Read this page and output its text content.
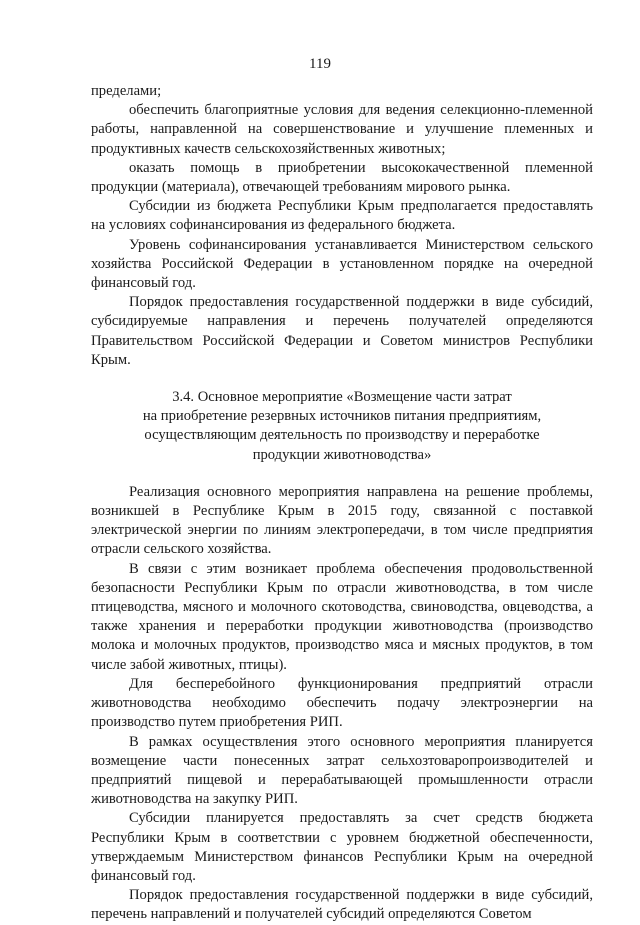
119

пределами;

обеспечить благоприятные условия для ведения селекционно-племенной работы, направленной на совершенствование и улучшение племенных и продуктивных качеств сельскохозяйственных животных;

оказать помощь в приобретении высококачественной племенной продукции (материала), отвечающей требованиям мирового рынка.

Субсидии из бюджета Республики Крым предполагается предоставлять на условиях софинансирования из федерального бюджета.

Уровень софинансирования устанавливается Министерством сельского хозяйства Российской Федерации в установленном порядке на очередной финансовый год.

Порядок предоставления государственной поддержки в виде субсидий, субсидируемые направления и перечень получателей определяются Правительством Российской Федерации и Советом министров Республики Крым.

3.4. Основное мероприятие «Возмещение части затрат
на приобретение резервных источников питания предприятиям,
осуществляющим деятельность по производству и переработке
продукции животноводства»

Реализация основного мероприятия направлена на решение проблемы, возникшей в Республике Крым в 2015 году, связанной с поставкой электрической энергии по линиям электропередачи, в том числе предприятия отрасли сельского хозяйства.

В связи с этим возникает проблема обеспечения продовольственной безопасности Республики Крым по отрасли животноводства, в том числе птицеводства, мясного и молочного скотоводства, свиноводства, овцеводства, а также хранения и переработки продукции животноводства (производство молока и молочных продуктов, производство мяса и мясных продуктов, в том числе забой животных, птицы).

Для бесперебойного функционирования предприятий отрасли животноводства необходимо обеспечить подачу электроэнергии на производство путем приобретения РИП.

В рамках осуществления этого основного мероприятия планируется возмещение части понесенных затрат сельхозтоваропроизводителей и предприятий пищевой и перерабатывающей промышленности отрасли животноводства на закупку РИП.

Субсидии планируется предоставлять за счет средств бюджета Республики Крым в соответствии с уровнем бюджетной обеспеченности, утверждаемым Министерством финансов Республики Крым на очередной финансовый год.

Порядок предоставления государственной поддержки в виде субсидий, перечень направлений и получателей субсидий определяются Советом
